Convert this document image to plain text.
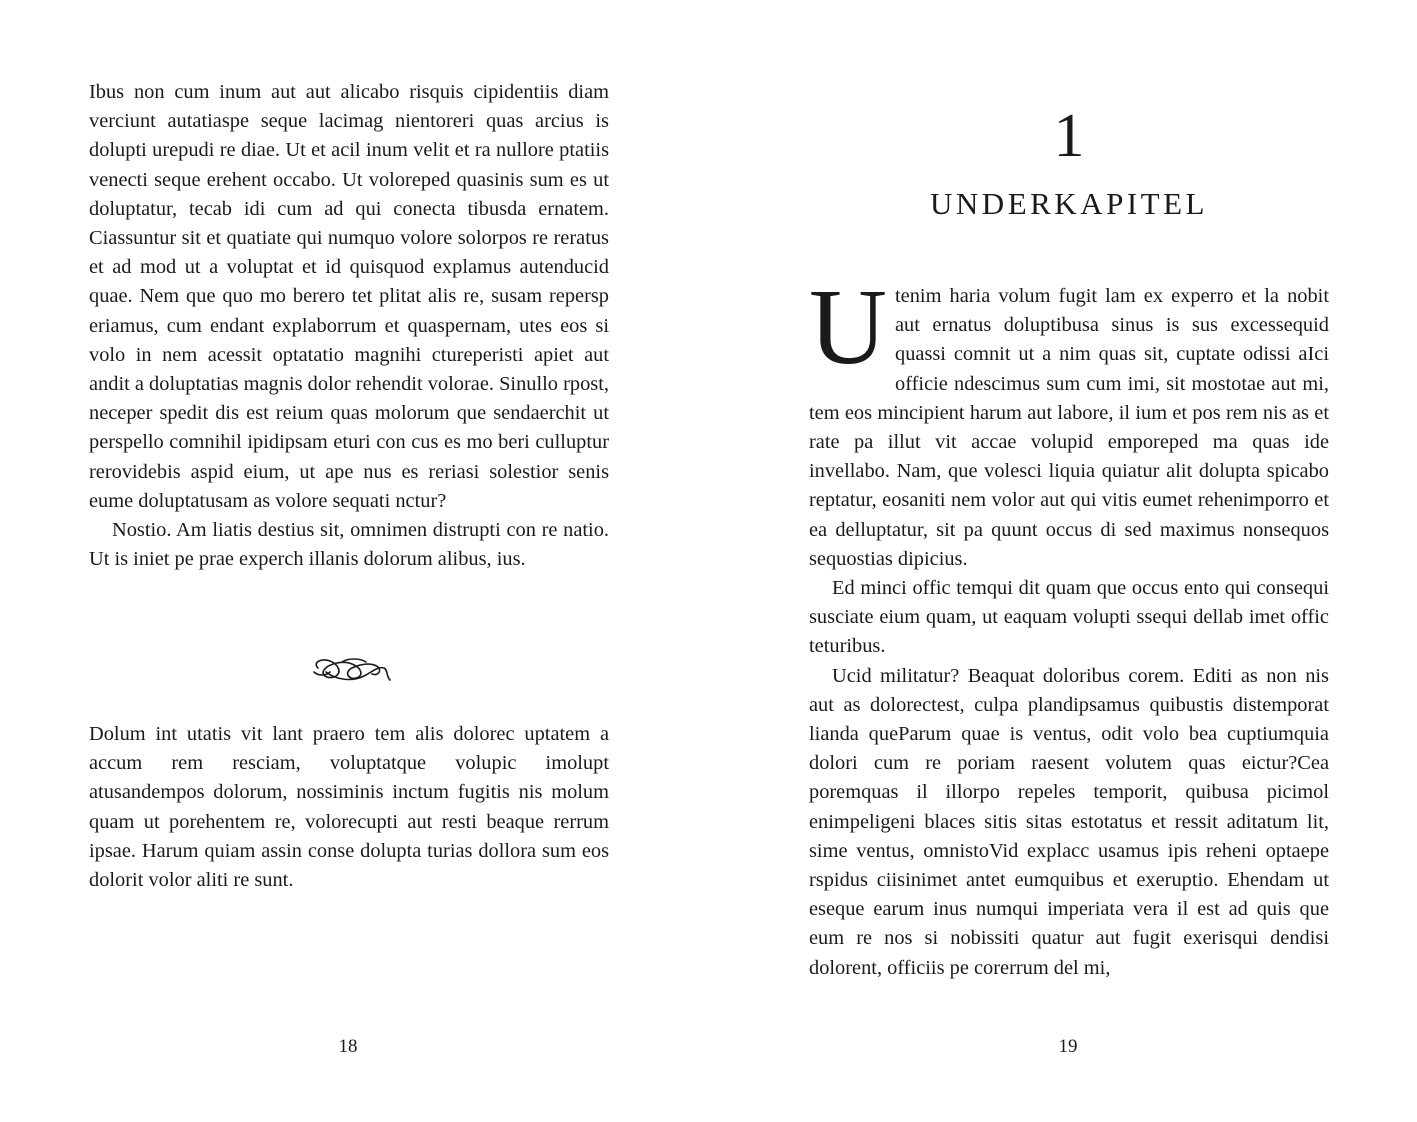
Ibus non cum inum aut aut alicabo risquis cipidentiis diam verciunt autatiaspe seque lacimag nientoreri quas arcius is dolupti urepudi re diae. Ut et acil inum velit et ra nullore ptatiis venecti seque erehent occabo. Ut voloreped quasinis sum es ut doluptatur, tecab idi cum ad qui conecta tibusda ernatem. Ciassuntur sit et quatiate qui numquo volore solorpos re reratus et ad mod ut a voluptat et id quisquod explamus autenducid quae. Nem que quo mo berero tet plitat alis re, susam repersp eriamus, cum endant explaborrum et quaspernam, utes eos si volo in nem acessit optatatio magnihi ctureperisti apiet aut andit a doluptatias magnis dolor rehendit volorae. Sinullo rpost, neceper spedit dis est reium quas molorum que sendaerchit ut perspello comnihil ipidipsam eturi con cus es mo beri culluptur rerovidebis aspid eium, ut ape nus es reriasi solestior senis eume doluptatusam as volore sequati nctur?

Nostio. Am liatis destius sit, omnimen distrupti con re natio. Ut is iniet pe prae experch illanis dolorum alibus, ius.

Dolum int utatis vit lant praero tem alis dolorec uptatem a accum rem resciam, voluptatque volupic imolupt atusandempos dolorum, nossiminis inctum fugitis nis molum quam ut porehentem re, volorecupti aut resti beaque rerrum ipsae. Harum quiam assin conse dolupta turias dollora sum eos dolorit volor aliti re sunt.

18
1
UNDERKAPITEL

Utenim haria volum fugit lam ex experro et la nobit aut ernatus doluptibusa sinus is sus excessequid quassi comnit ut a nim quas sit, cuptate odissi aIci officie ndescimus sum cum imi, sit mostotae aut mi, tem eos mincipient harum aut labore, il ium et pos rem nis as et rate pa illut vit accae volupid emporeped ma quas ide invellabo. Nam, que volesci liquia quiatur alit dolupta spicabo reptatur, eosaniti nem volor aut qui vitis eumet rehenimporro et ea delluptatur, sit pa quunt occus di sed maximus nonsequos sequostias dipicius.

Ed minci offic temqui dit quam que occus ento qui consequi susciate eium quam, ut eaquam volupti ssequi dellab imet offic teturibus.

Ucid militatur? Beaquat doloribus corem. Editi as non nis aut as dolorectest, culpa plandipsamus quibustis distemporat lianda queParum quae is ventus, odit volo bea cuptiumquia dolori cum re poriam raesent volutem quas eictur?Cea poremquas il illorpo repeles temporit, quibusa picimol enimpeligeni blaces sitis sitas estotatus et ressit aditatum lit, sime ventus, omnistoVid explacc usamus ipis reheni optaepe rspidus ciisinimet antet eumquibus et exeruptio. Ehendam ut eseque earum inus numqui imperiata vera il est ad quis que eum re nos si nobissiti quatur aut fugit exerisqui dendisi dolorent, officiis pe corerrum del mi,

19
